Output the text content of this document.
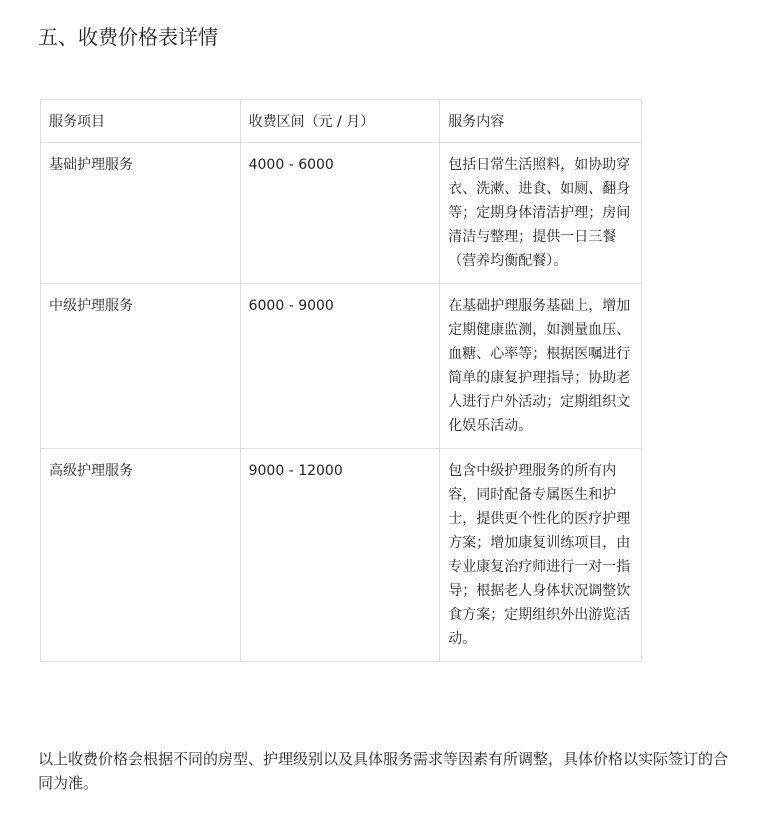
五、收费价格表详情
服务项目	收费区间（元 / 月）	服务内容
基础护理服务	4000 - 6000	包括日常生活照料，如协助穿衣、洗漱、进食、如厕、翻身等；定期身体清洁护理；房间清洁与整理；提供一日三餐（营养均衡配餐）。
中级护理服务	6000 - 9000	在基础护理服务基础上，增加定期健康监测，如测量血压、血糖、心率等；根据医嘱进行简单的康复护理指导；协助老人进行户外活动；定期组织文化娱乐活动。
高级护理服务	9000 - 12000	包含中级护理服务的所有内容，同时配备专属医生和护士，提供更个性化的医疗护理方案；增加康复训练项目，由专业康复治疗师进行一对一指导；根据老人身体状况调整饮食方案；定期组织外出游览活动。
以上收费价格会根据不同的房型、护理级别以及具体服务需求等因素有所调整，具体价格以实际签订的合同为准。
